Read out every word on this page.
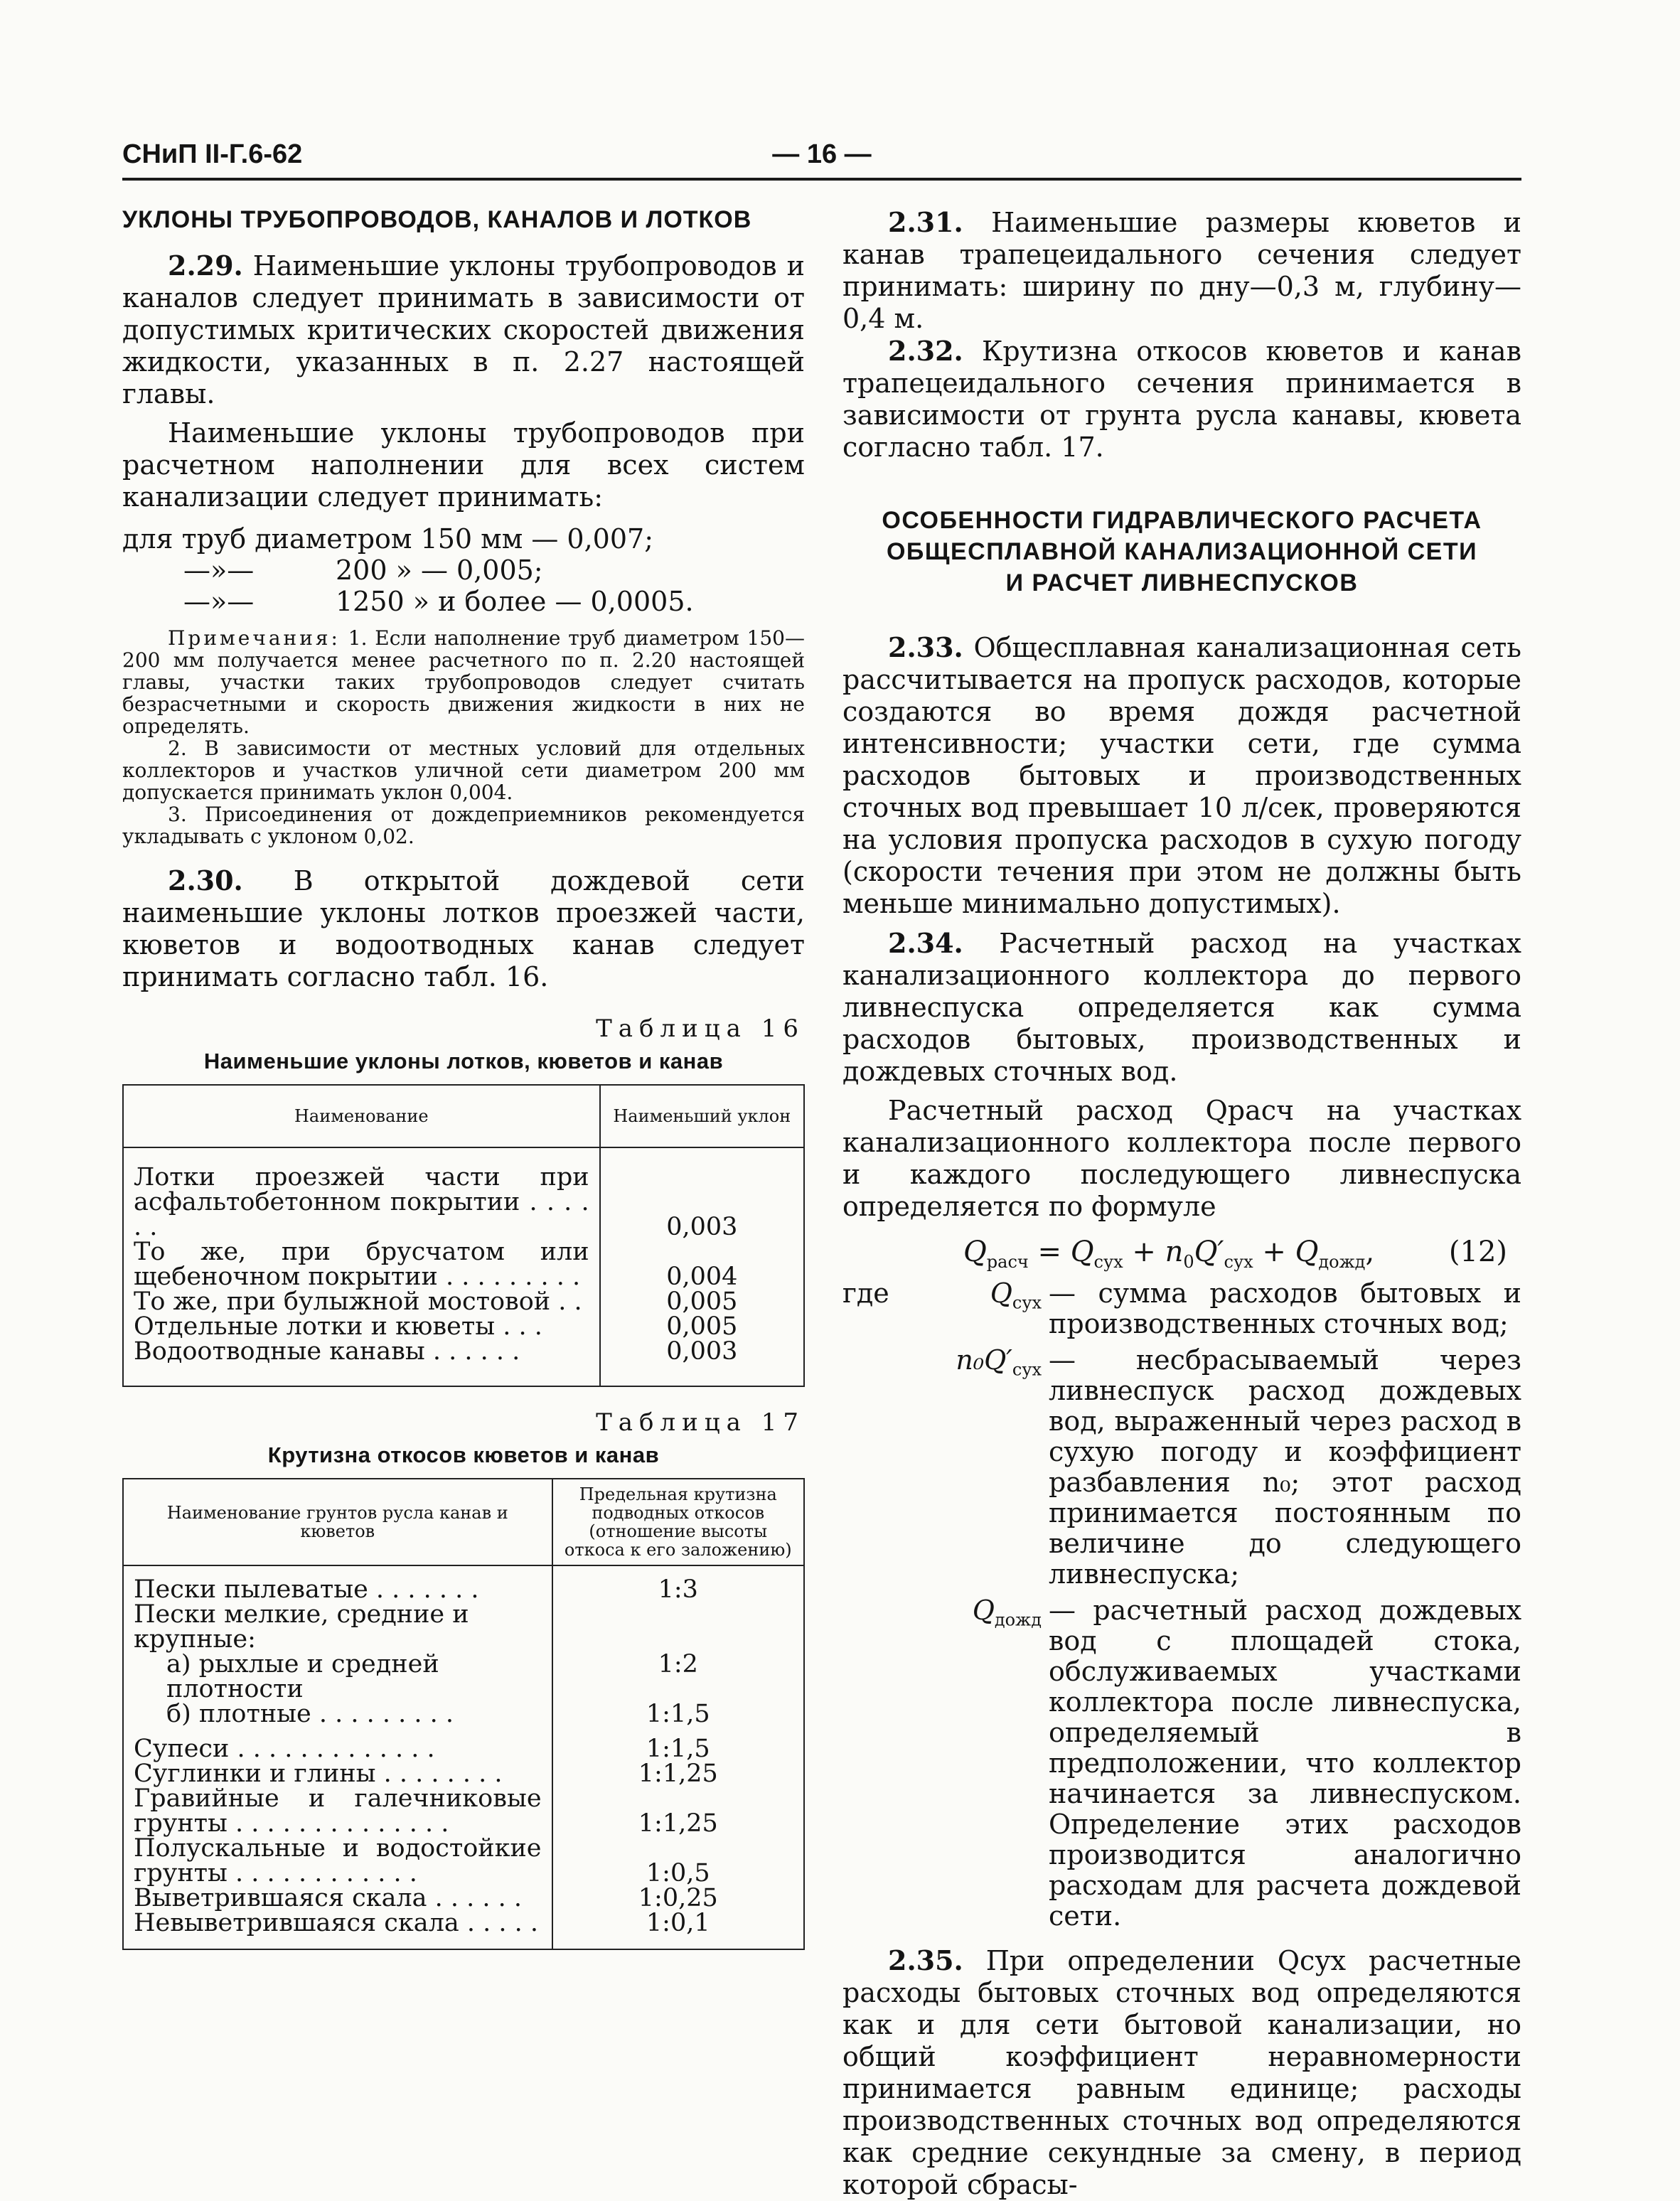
СНиП II-Г.6-62	— 16 —
УКЛОНЫ ТРУБОПРОВОДОВ, КАНАЛОВ И ЛОТКОВ

2.29. Наименьшие уклоны трубопроводов и каналов следует принимать в зависимости от допустимых критических скоростей движения жидкости, указанных в п. 2.27 настоящей главы.

Наименьшие уклоны трубопроводов при расчетном наполнении для всех систем канализации следует принимать:

для труб диаметром 150 мм — 0,007;
—»—	200 » — 0,005;
—»—	1250 » и более — 0,0005.

Примечания: 1. Если наполнение труб диаметром 150—200 мм получается менее расчетного по п. 2.20 настоящей главы, участки таких трубопроводов следует считать безрасчетными и скорость движения жидкости в них не определять.

2. В зависимости от местных условий для отдельных коллекторов и участков уличной сети диаметром 200 мм допускается принимать уклон 0,004.

3. Присоединения от дождеприемников рекомендуется укладывать с уклоном 0,02.

2.30. В открытой дождевой сети наименьшие уклоны лотков проезжей части, кюветов и водоотводных канав следует принимать согласно табл. 16.

Таблица 16
Наименьшие уклоны лотков, кюветов и канав
Наименование	Наименьший уклон

Лотки проезжей части при асфальтобетонном покрытии . . . . . .	0,003
То же, при брусчатом или щебеночном покрытии . . . . . . . . .	0,004
То же, при булыжной мостовой . .	0,005
Отдельные лотки и кюветы . . .	0,005
Водоотводные канавы . . . . . .	0,003

Таблица 17
Крутизна откосов кюветов и канав
Наименование грунтов русла канав и кюветов	Предельная крутизна подводных откосов (отношение высоты откоса к его заложению)

Пески пылеватые . . . . . . .	1:3
Пески мелкие, средние и крупные:	
а) рыхлые и средней плотности	1:2
б) плотные . . . . . . . . .	1:1,5
Супеси . . . . . . . . . . . . .	1:1,5
Суглинки и глины . . . . . . . .	1:1,25
Гравийные и галечниковые грунты . . . . . . . . . . . . . .	1:1,25
Полускальные и водостойкие грунты . . . . . . . . . . . .	1:0,5
Выветрившаяся скала . . . . . .	1:0,25
Невыветрившаяся скала . . . . .	1:0,1

2.31. Наименьшие размеры кюветов и канав трапецеидального сечения следует принимать: ширину по дну—0,3 м, глубину—0,4 м.

2.32. Крутизна откосов кюветов и канав трапецеидального сечения принимается в зависимости от грунта русла канавы, кювета согласно табл. 17.

ОСОБЕННОСТИ ГИДРАВЛИЧЕСКОГО РАСЧЕТА
ОБЩЕСПЛАВНОЙ КАНАЛИЗАЦИОННОЙ СЕТИ
И РАСЧЕТ ЛИВНЕСПУСКОВ

2.33. Общесплавная канализационная сеть рассчитывается на пропуск расходов, которые создаются во время дождя расчетной интенсивности; участки сети, где сумма расходов бытовых и производственных сточных вод превышает 10 л/сек, проверяются на условия пропуска расходов в сухую погоду (скорости течения при этом не должны быть меньше минимально допустимых).

2.34. Расчетный расход на участках канализационного коллектора до первого ливнеспуска определяется как сумма расходов бытовых, производственных и дождевых сточных вод.

Расчетный расход Qрасч на участках канализационного коллектора после первого и каждого последующего ливнеспуска определяется по формуле

$Q_{расч} = Q_{сух} + n_0Q'_{сух} + Q_{дожд}$,	(12)
где	$Q_{сух}$ — сумма расходов бытовых и производственных сточных вод;
$n_0Q'_{сух}$ — несбрасываемый через ливнеспуск расход дождевых вод, выраженный через расход в сухую погоду и коэффициент разбавления n₀; этот расход принимается постоянным по величине до следующего ливнеспуска;
$Q_{дожд}$ — расчетный расход дождевых вод с площадей стока, обслуживаемых участками коллектора после ливнеспуска, определяемый в предположении, что коллектор начинается за ливнеспуском. Определение этих расходов производится аналогично расходам для расчета дождевой сети.

2.35. При определении Qсух расчетные расходы бытовых сточных вод определяются как и для сети бытовой канализации, но общий коэффициент неравномерности принимается равным единице; расходы производственных сточных вод определяются как средние секундные за смену, в период которой сбрасы-
